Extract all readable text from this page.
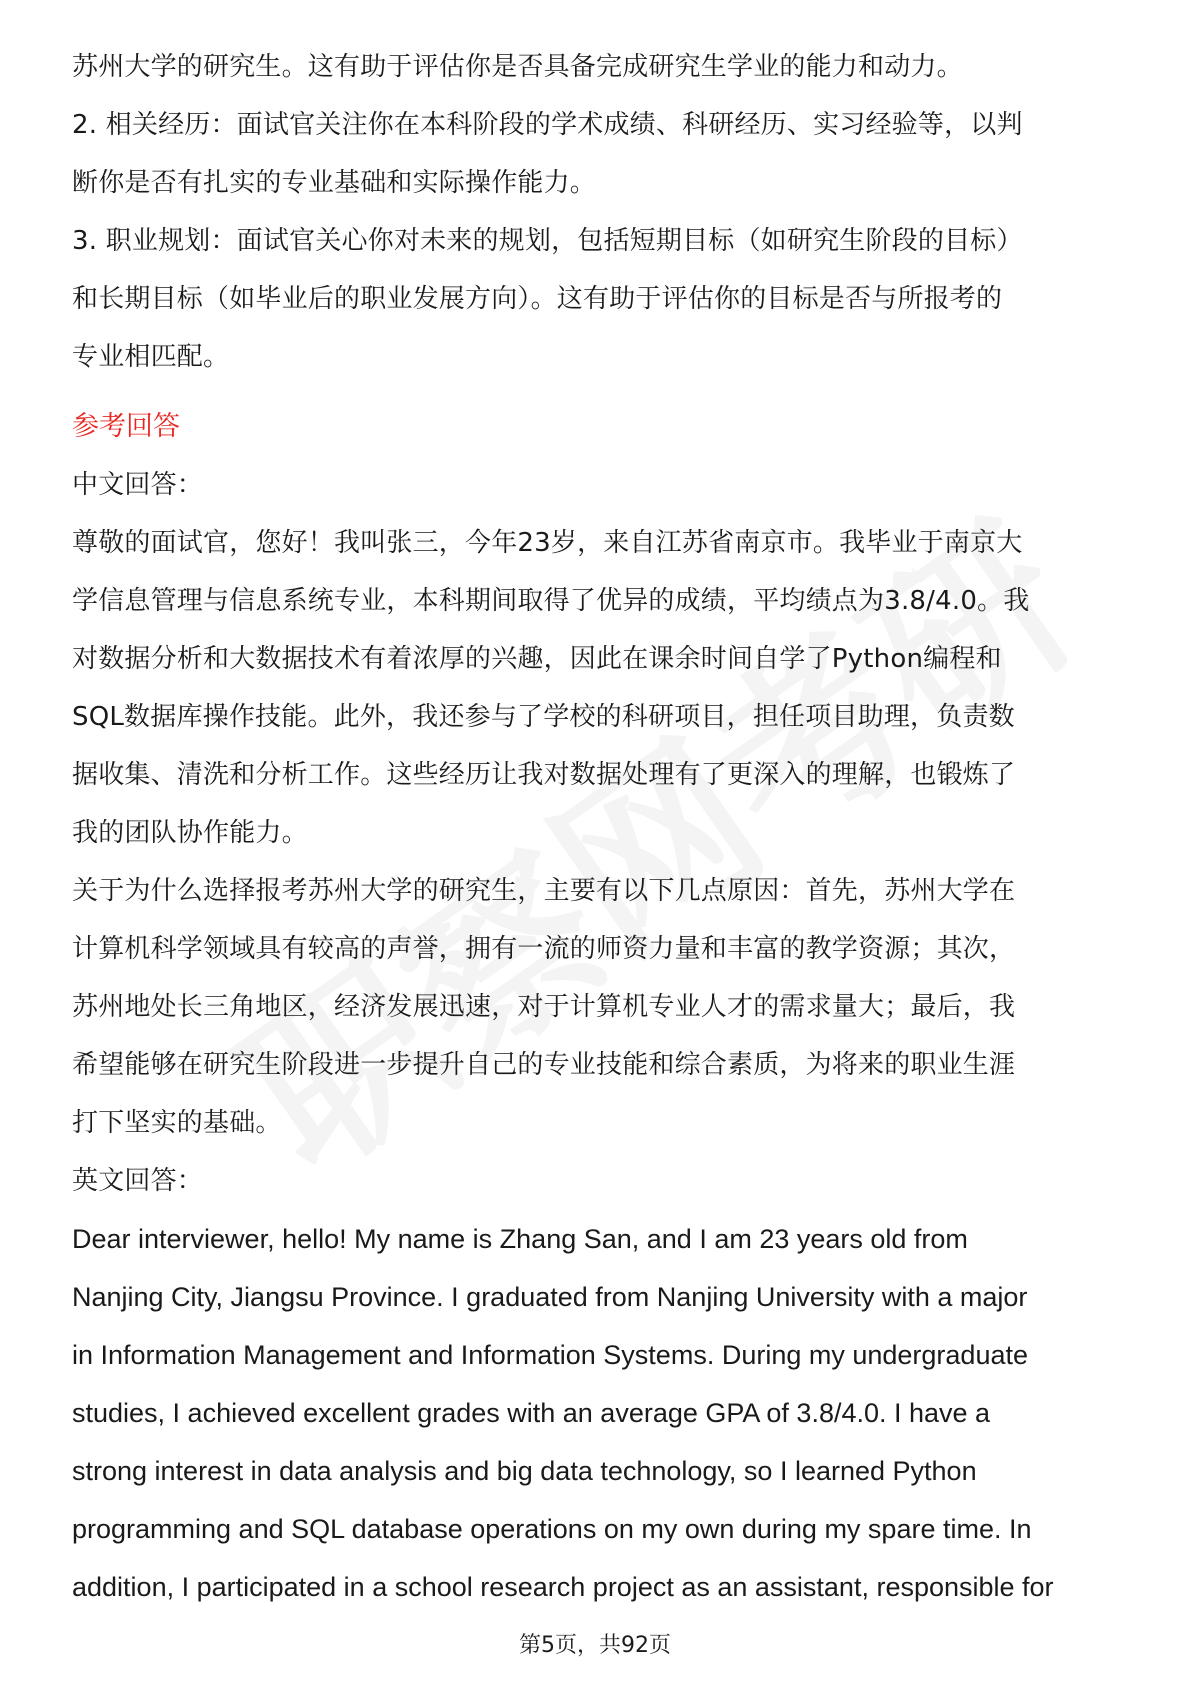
苏州大学的研究生。这有助于评估你是否具备完成研究生学业的能力和动力。
2. 相关经历：面试官关注你在本科阶段的学术成绩、科研经历、实习经验等，以判
断你是否有扎实的专业基础和实际操作能力。
3. 职业规划：面试官关心你对未来的规划，包括短期目标（如研究生阶段的目标）
和长期目标（如毕业后的职业发展方向）。这有助于评估你的目标是否与所报考的
专业相匹配。
参考回答
中文回答：
尊敬的面试官，您好！我叫张三，今年23岁，来自江苏省南京市。我毕业于南京大
学信息管理与信息系统专业，本科期间取得了优异的成绩，平均绩点为3.8/4.0。我
对数据分析和大数据技术有着浓厚的兴趣，因此在课余时间自学了Python编程和
SQL数据库操作技能。此外，我还参与了学校的科研项目，担任项目助理，负责数
据收集、清洗和分析工作。这些经历让我对数据处理有了更深入的理解，也锻炼了
我的团队协作能力。
关于为什么选择报考苏州大学的研究生，主要有以下几点原因：首先，苏州大学在
计算机科学领域具有较高的声誉，拥有一流的师资力量和丰富的教学资源；其次，
苏州地处长三角地区，经济发展迅速，对于计算机专业人才的需求量大；最后，我
希望能够在研究生阶段进一步提升自己的专业技能和综合素质，为将来的职业生涯
打下坚实的基础。
英文回答：
Dear interviewer, hello! My name is Zhang San, and I am 23 years old from
Nanjing City, Jiangsu Province. I graduated from Nanjing University with a major
in Information Management and Information Systems. During my undergraduate
studies, I achieved excellent grades with an average GPA of 3.8/4.0. I have a
strong interest in data analysis and big data technology, so I learned Python
programming and SQL database operations on my own during my spare time. In
addition, I participated in a school research project as an assistant, responsible for
第5页，共92页
